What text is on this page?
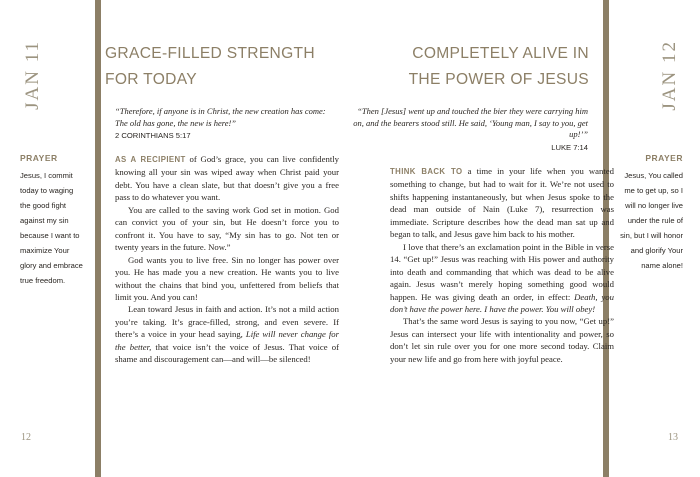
JAN 11
12
PRAYER
Jesus, I commit today to waging the good fight against my sin because I want to maximize Your glory and embrace true freedom.
GRACE-FILLED STRENGTH
FOR TODAY
“Therefore, if anyone is in Christ, the new creation has come: The old has gone, the new is here!”
2 CORINTHIANS 5:17

AS A RECIPIENT of God’s grace, you can live confidently knowing all your sin was wiped away when Christ paid your debt. You have a clean slate, but that doesn’t give you a free pass to do whatever you want.

You are called to the saving work God set in motion. God can convict you of your sin, but He doesn’t force you to confront it. You have to say, “My sin has to go. Not ten or twenty years in the future. Now.”

God wants you to live free. Sin no longer has power over you. He has made you a new creation. He wants you to live without the chains that bind you, unfettered from beliefs that limit you. And you can!

Lean toward Jesus in faith and action. It’s not a mild action you’re taking. It’s grace-filled, strong, and even severe. If there’s a voice in your head saying, Life will never change for the better, that voice isn’t the voice of Jesus. That voice of shame and discouragement can—and will—be silenced!

JAN 12
13
PRAYER
Jesus, You called me to get up, so I will no longer live under the rule of sin, but I will honor and glorify Your name alone!
COMPLETELY ALIVE IN
THE POWER OF JESUS
“Then [Jesus] went up and touched the bier they were carrying him on, and the bearers stood still. He said, ‘Young man, I say to you, get up!’”
LUKE 7:14

THINK BACK TO a time in your life when you wanted something to change, but had to wait for it. We’re not used to shifts happening instantaneously, but when Jesus spoke to the dead man outside of Nain (Luke 7), resurrection was immediate. Scripture describes how the dead man sat up and began to talk, and Jesus gave him back to his mother.

I love that there’s an exclamation point in the Bible in verse 14. “Get up!” Jesus was reaching with His power and authority into death and commanding that which was dead to be alive again. Jesus wasn’t merely hoping something good would happen. He was giving death an order, in effect: Death, you don’t have the power here. I have the power. You will obey!

That’s the same word Jesus is saying to you now, “Get up!” Jesus can intersect your life with intentionality and power, so don’t let sin rule over you for one more second today. Claim your new life and go from here with joyful peace.
